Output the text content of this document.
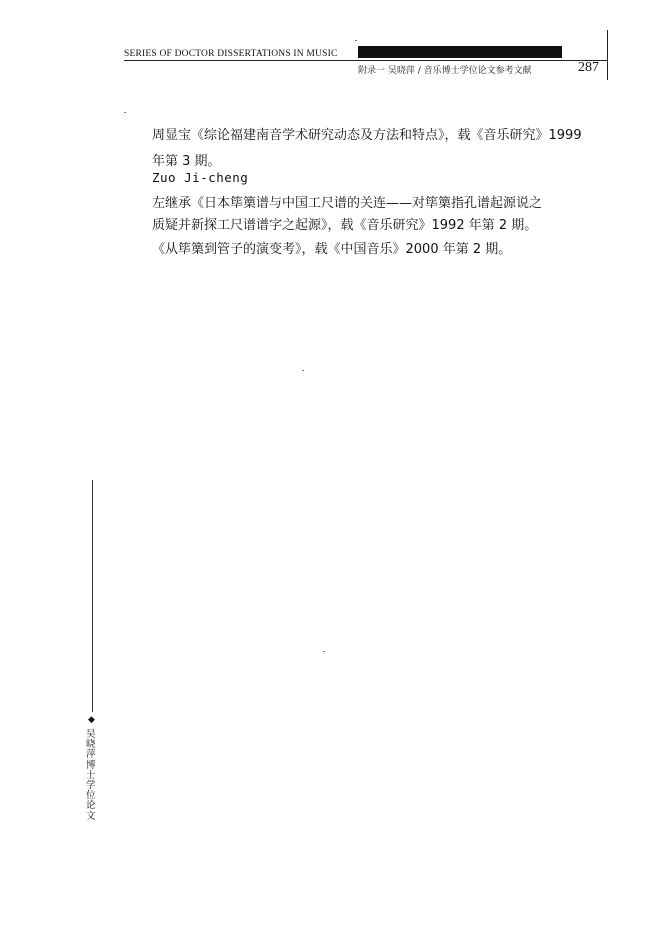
SERIES OF DOCTOR DISSERTATIONS IN MUSIC
附录一 吴晓萍 / 音乐博士学位论文参考文献	287
周显宝《综论福建南音学术研究动态及方法和特点》，载《音乐研究》1999
年第 3 期。
Zuo Ji-cheng
左继承《日本筚篥谱与中国工尺谱的关连——对筚篥指孔谱起源说之
质疑并新探工尺谱谱字之起源》，载《音乐研究》1992 年第 2 期。
《从筚篥到管子的演变考》，载《中国音乐》2000 年第 2 期。
◆
吴晓萍博士学位论文
